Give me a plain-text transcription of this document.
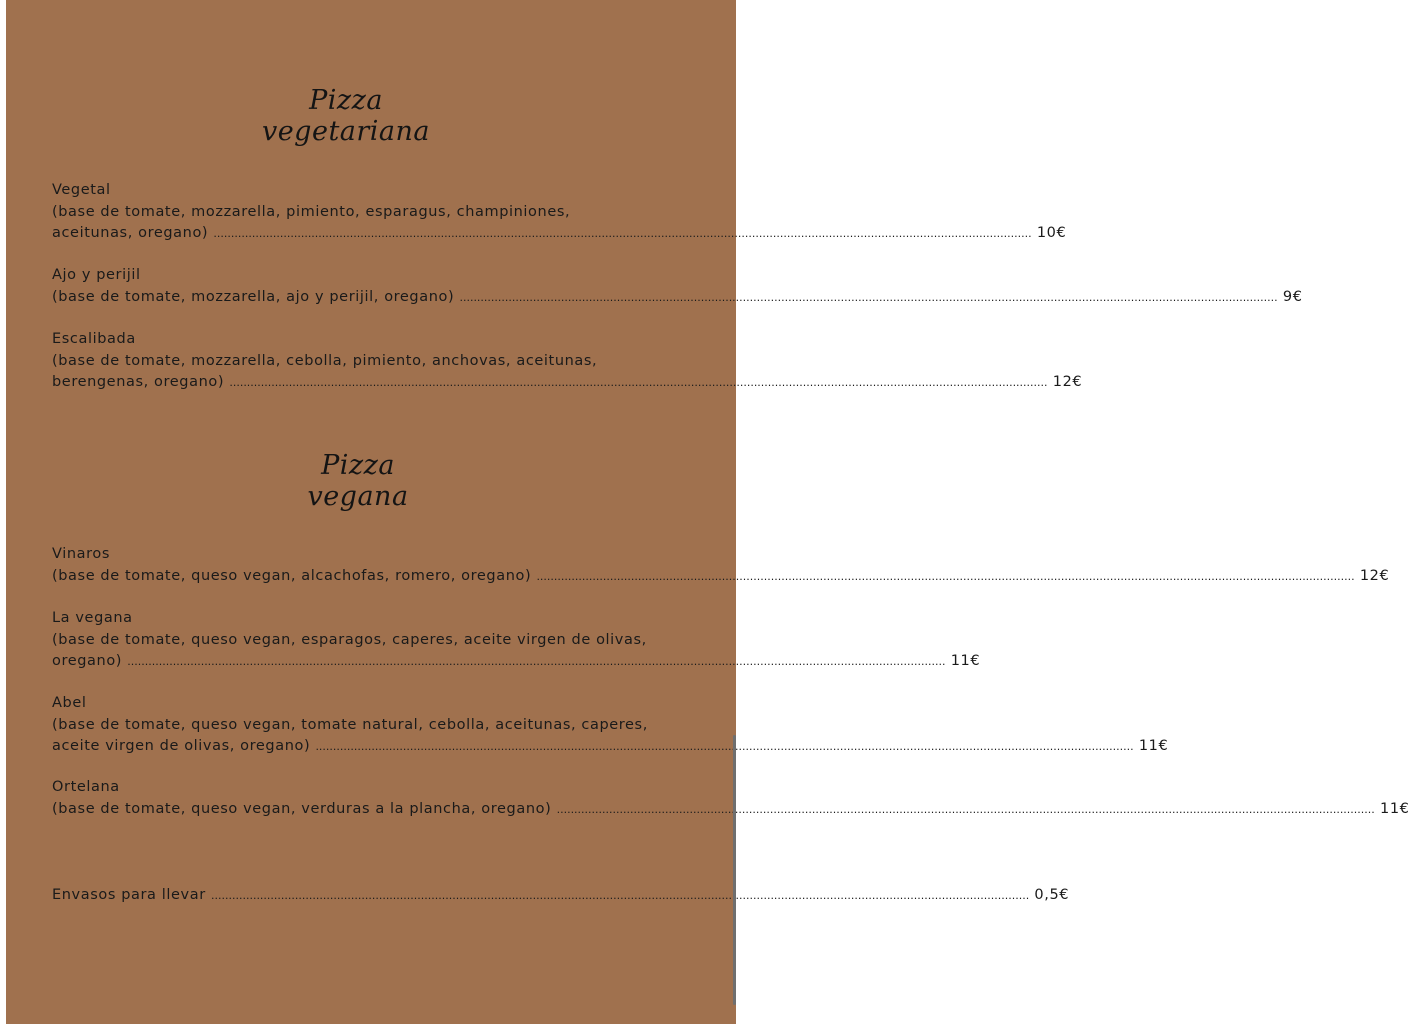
Pizza
vegetariana
Vegetal
(base de tomate, mozzarella, pimiento, esparagus, champiniones,
aceitunas, oregano) .....	10€
Ajo y perijil
(base de tomate, mozzarella, ajo y perijil, oregano) .....	9€
Escalibada
(base de tomate, mozzarella, cebolla, pimiento, anchovas, aceitunas,
berengenas, oregano) .....	12€
Pizza
vegana
Vinaros
(base de tomate, queso vegan, alcachofas, romero, oregano) .....	12€
La vegana
(base de tomate, queso vegan, esparagos, caperes, aceite virgen de olivas,
oregano) .....	11€
Abel
(base de tomate, queso vegan, tomate natural, cebolla, aceitunas, caperes,
aceite virgen de olivas, oregano) .....	11€
Ortelana
(base de tomate, queso vegan, verduras a la plancha, oregano) .....	11€
Envasos para llevar .....	0,5€
